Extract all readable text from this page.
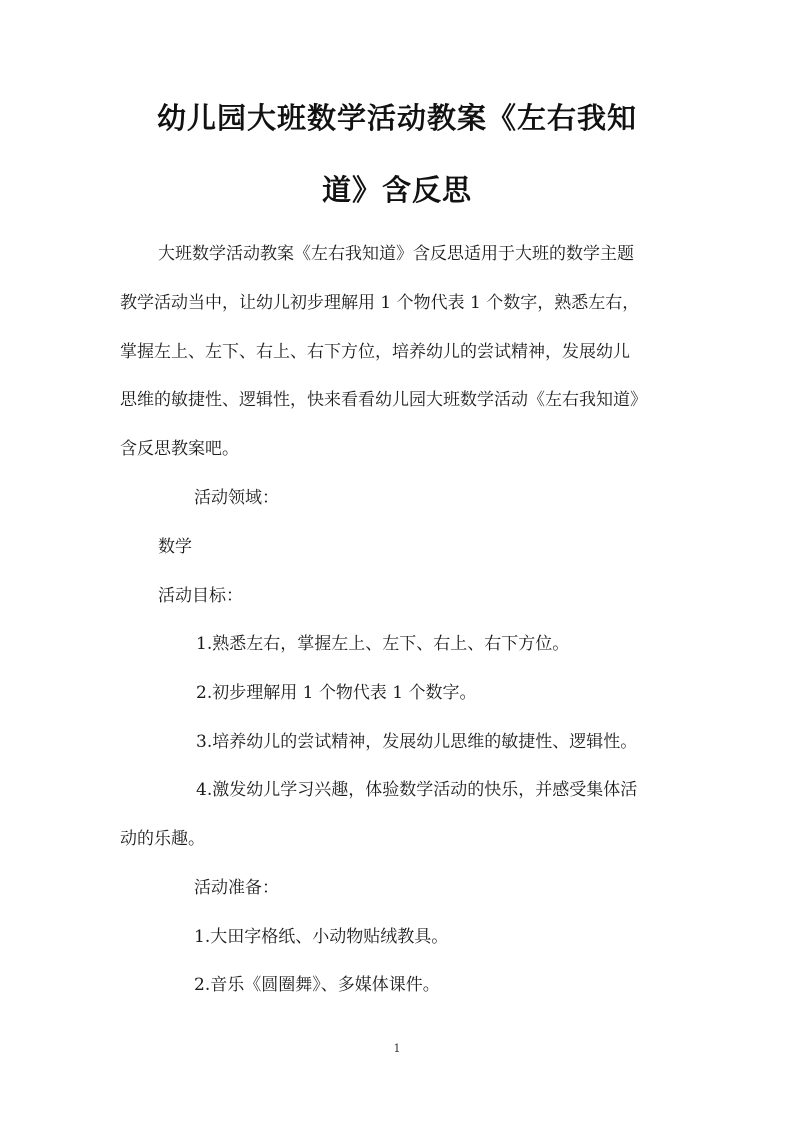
幼儿园大班数学活动教案《左右我知
道》含反思
大班数学活动教案《左右我知道》含反思适用于大班的数学主题
教学活动当中，让幼儿初步理解用 1 个物代表 1 个数字，熟悉左右，
掌握左上、左下、右上、右下方位，培养幼儿的尝试精神，发展幼儿
思维的敏捷性、逻辑性，快来看看幼儿园大班数学活动《左右我知道》
含反思教案吧。
活动领域：
数学
活动目标：
1.熟悉左右，掌握左上、左下、右上、右下方位。
2.初步理解用 1 个物代表 1 个数字。
3.培养幼儿的尝试精神，发展幼儿思维的敏捷性、逻辑性。
4.激发幼儿学习兴趣，体验数学活动的快乐，并感受集体活
动的乐趣。
活动准备：
1.大田字格纸、小动物贴绒教具。
2.音乐《圆圈舞》、多媒体课件。
1
